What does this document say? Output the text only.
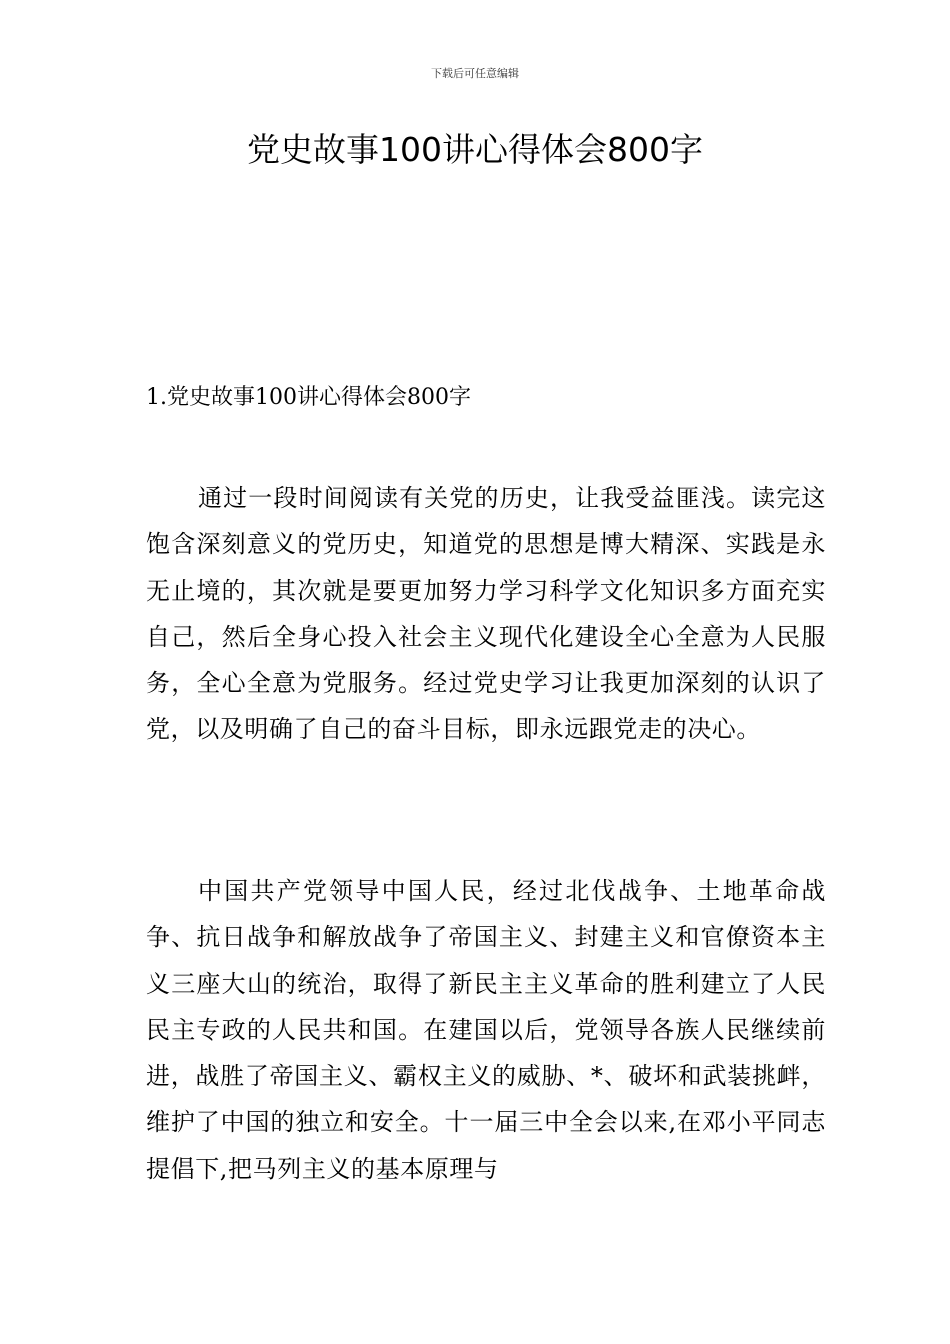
下载后可任意编辑
党史故事100讲心得体会800字
1.党史故事100讲心得体会800字

通过一段时间阅读有关党的历史，让我受益匪浅。读完这饱含深刻意义的党历史，知道党的思想是博大精深、实践是永无止境的，其次就是要更加努力学习科学文化知识多方面充实自己，然后全身心投入社会主义现代化建设全心全意为人民服务，全心全意为党服务。经过党史学习让我更加深刻的认识了党，以及明确了自己的奋斗目标，即永远跟党走的决心。

中国共产党领导中国人民，经过北伐战争、土地革命战争、抗日战争和解放战争了帝国主义、封建主义和官僚资本主义三座大山的统治，取得了新民主主义革命的胜利建立了人民民主专政的人民共和国。在建国以后，党领导各族人民继续前进，战胜了帝国主义、霸权主义的威胁、*、破坏和武装挑衅，维护了中国的独立和安全。十一届三中全会以来,在邓小平同志提倡下,把马列主义的基本原理与
